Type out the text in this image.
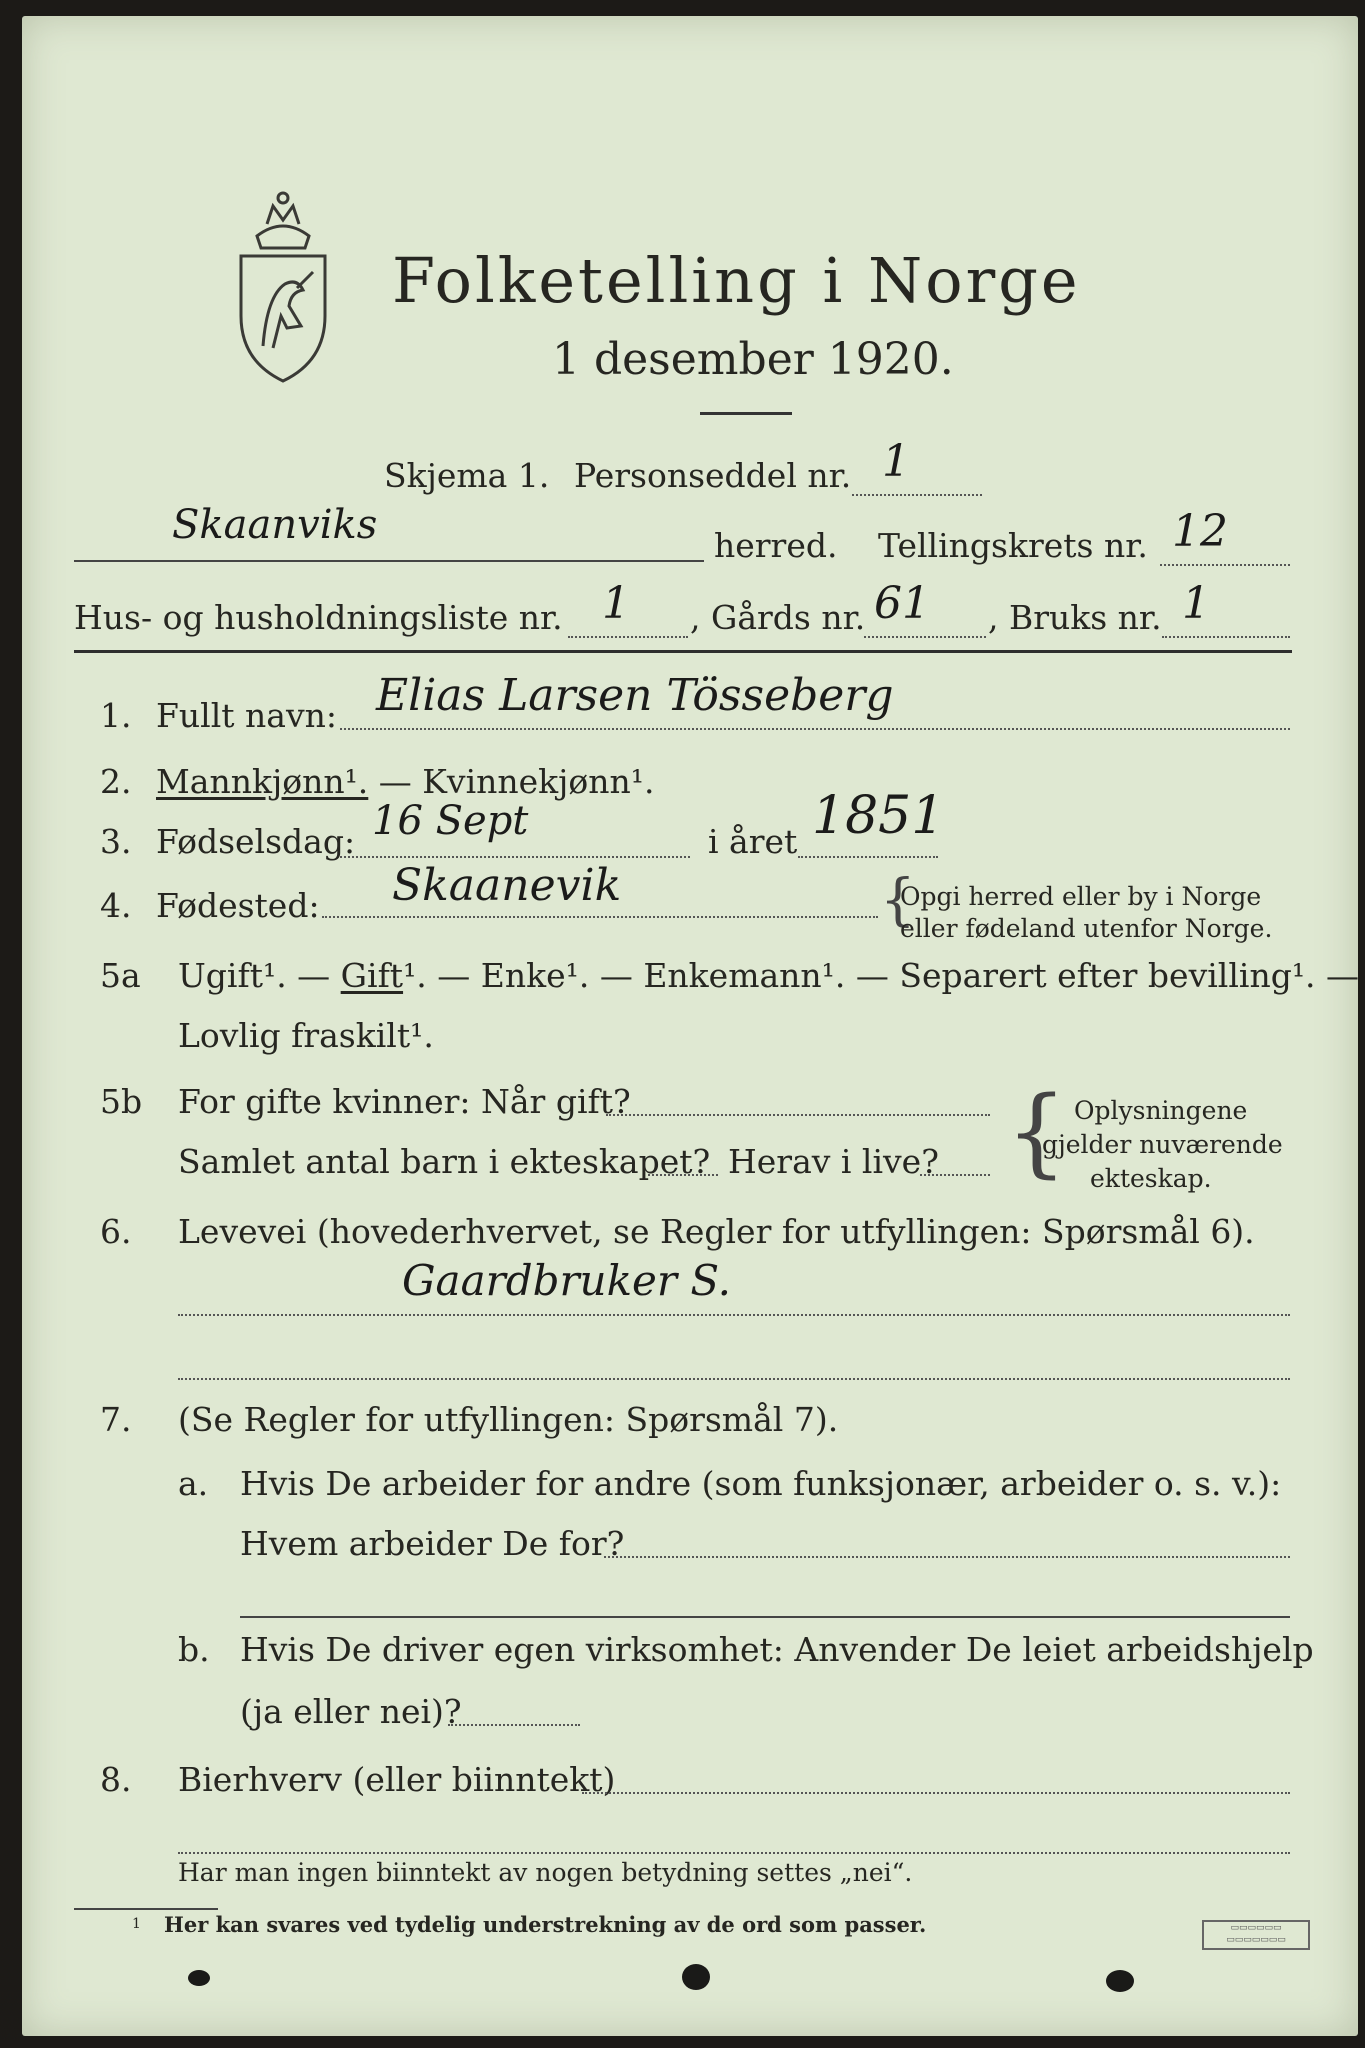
Folketelling i Norge
1 desember 1920.
Skjema 1. Personseddel nr. 1
Skaanviks	herred. Tellingskrets nr. 12
Hus- og husholdningsliste nr. 1 , Gårds nr. 61 , Bruks nr. 1
1. Fullt navn: Elias Larsen Tösseberg
2. Mannkjønn¹. — Kvinnekjønn¹.
3. Fødselsdag: 16 Sept	i året 1851
4. Fødested: Skaanevik	{
Opgi herred eller by i Norge
eller fødeland utenfor Norge.
5a Ugift¹. — Gift¹. — Enke¹. — Enkemann¹. — Separert efter bevilling¹. —
Lovlig fraskilt¹.
5b For gifte kvinner: Når gift?
Samlet antal barn i ekteskapet? Herav i live? { Oplysningene
gjelder nuværende
ekteskap.
6. Levevei (hovederhvervet, se Regler for utfyllingen: Spørsmål 6).
Gaardbruker S.
7. (Se Regler for utfyllingen: Spørsmål 7).
a. Hvis De arbeider for andre (som funksjonær, arbeider o. s. v.):
Hvem arbeider De for?
b. Hvis De driver egen virksomhet: Anvender De leiet arbeidshjelp
(ja eller nei)?
8. Bierhverv (eller biinntekt)
Har man ingen biinntekt av nogen betydning settes „nei“.
1 Her kan svares ved tydelig understrekning av de ord som passer.	▭▭▭▭▭▭
▭▭▭▭▭▭▭
